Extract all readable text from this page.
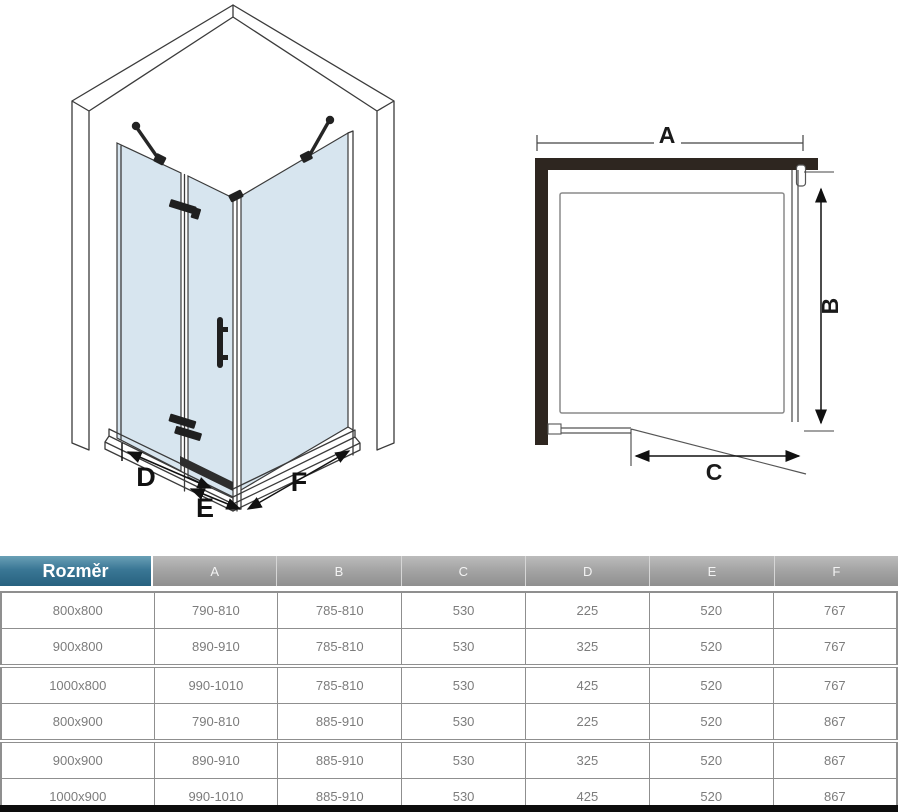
D
E
F
A
B
C
Rozměr	A	B	C	D	E	F
800x800	790-810	785-810	530	225	520	767
900x800	890-910	785-810	530	325	520	767
1000x800	990-1010	785-810	530	425	520	767
800x900	790-810	885-910	530	225	520	867
900x900	890-910	885-910	530	325	520	867
1000x900	990-1010	885-910	530	425	520	867
